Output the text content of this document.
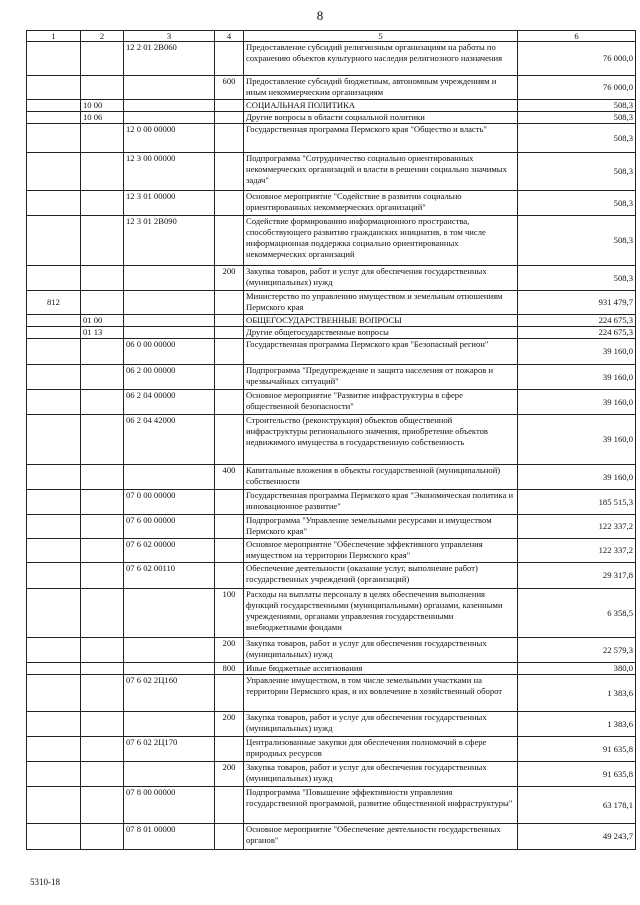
8
1	2	3	4	5	6
		12 2 01 2В060		Предоставление субсидий религиозным организациям на работы по сохранению объектов культурного наследия религиозного назначения	76 000,0
			600	Предоставление субсидий бюджетным, автономным учреждениям и иным некоммерческим организациям	76 000,0
	10 00			СОЦИАЛЬНАЯ ПОЛИТИКА	508,3
	10 06			Другие вопросы в области социальной политики	508,3
		12 0 00 00000		Государственная программа Пермского края "Общество и власть"	508,3
		12 3 00 00000		Подпрограмма "Сотрудничество социально ориентированных некоммерческих организаций и власти в решении социально значимых задач"	508,3
		12 3 01 00000		Основное мероприятие "Содействие в развитии социально ориентированных некоммерческих организаций"	508,3
		12 3 01 2В090		Содействие формированию информационного пространства, способствующего развитию гражданских инициатив, в том числе информационная поддержка социально ориентированных некоммерческих организаций	508,3
			200	Закупка товаров, работ и услуг для обеспечения государственных (муниципальных) нужд	508,3
812				Министерство по управлению имуществом и земельным отношениям Пермского края	931 479,7
	01 00			ОБЩЕГОСУДАРСТВЕННЫЕ ВОПРОСЫ	224 675,3
	01 13			Другие общегосударственные вопросы	224 675,3
		06 0 00 00000		Государственная программа Пермского края "Безопасный регион"	39 160,0
		06 2 00 00000		Подпрограмма "Предупреждение и защита населения от пожаров и чрезвычайных ситуаций"	39 160,0
		06 2 04 00000		Основное мероприятие "Развитие инфраструктуры в сфере общественной безопасности"	39 160,0
		06 2 04 42000		Строительство (реконструкция) объектов общественной инфраструктуры регионального значения, приобретение объектов недвижимого имущества в государственную собственность	39 160,0
			400	Капитальные вложения в объекты государственной (муниципальной) собственности	39 160,0
		07 0 00 00000		Государственная программа Пермского края "Экономическая политика и инновационное развитие"	185 515,3
		07 6 00 00000		Подпрограмма "Управление земельными ресурсами и имуществом Пермского края"	122 337,2
		07 6 02 00000		Основное мероприятие "Обеспечение эффективного управления имуществом на территории Пермского края"	122 337,2
		07 6 02 00110		Обеспечение деятельности (оказание услуг, выполнение работ) государственных учреждений (организаций)	29 317,8
			100	Расходы на выплаты персоналу в целях обеспечения выполнения функций государственными (муниципальными) органами, казенными учреждениями, органами управления государственными внебюджетными фондами	6 358,5
			200	Закупка товаров, работ и услуг для обеспечения государственных (муниципальных) нужд	22 579,3
			800	Иные бюджетные ассигнования	380,0
		07 6 02 2Ц160		Управление имуществом, в том числе земельными участками на территории Пермского края, и их вовлечение в хозяйственный оборот	1 383,6
			200	Закупка товаров, работ и услуг для обеспечения государственных (муниципальных) нужд	1 383,6
		07 6 02 2Ц170		Централизованные закупки для обеспечения полномочий в сфере природных ресурсов	91 635,8
			200	Закупка товаров, работ и услуг для обеспечения государственных (муниципальных) нужд	91 635,8
		07 8 00 00000		Подпрограмма "Повышение эффективности управления государственной программой, развитие общественной инфраструктуры"	63 178,1
		07 8 01 00000		Основное мероприятие "Обеспечение деятельности государственных органов"	49 243,7
5310-18
